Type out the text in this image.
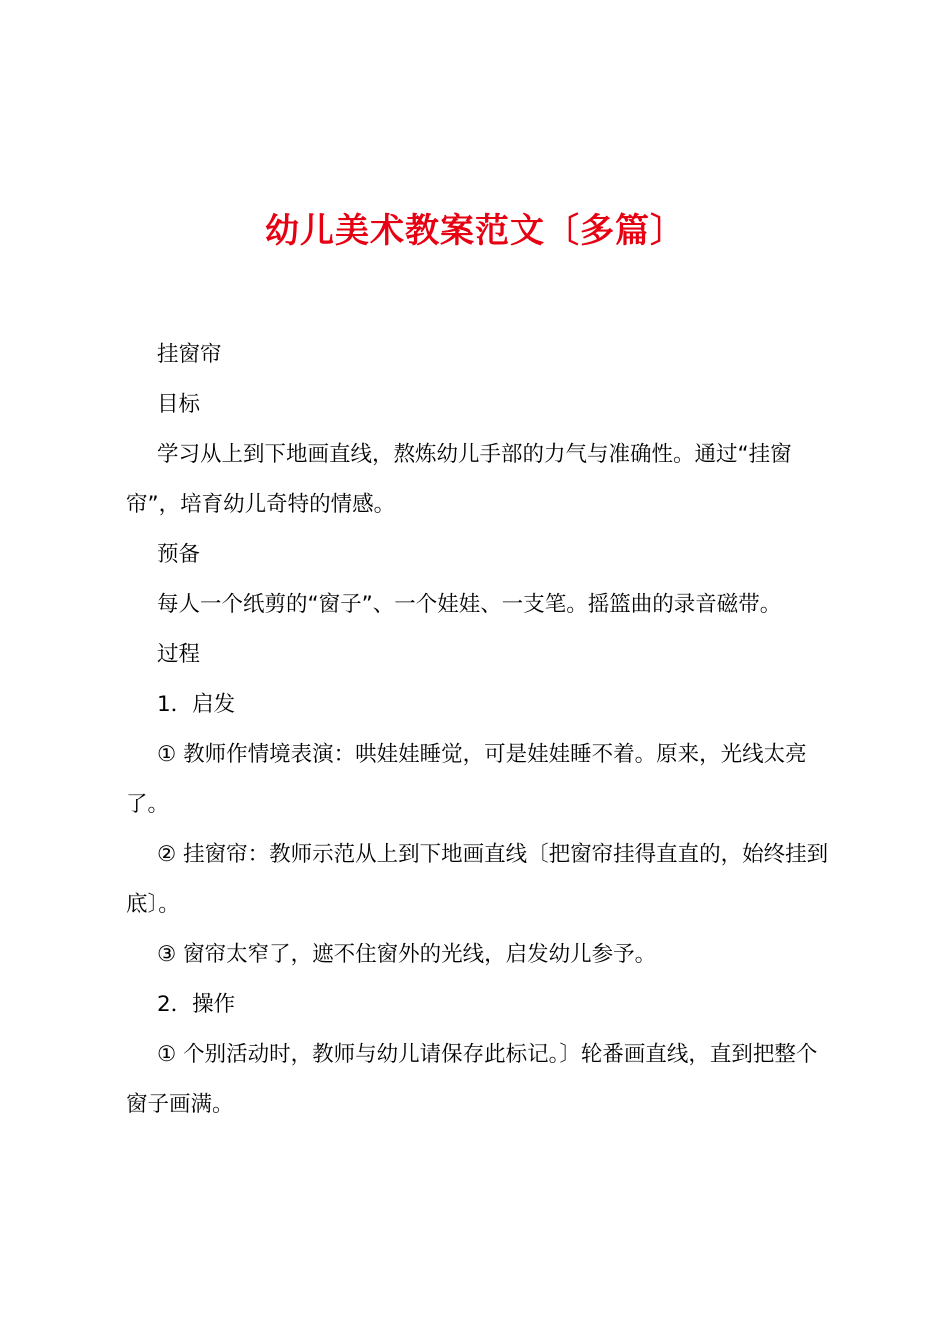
幼儿美术教案范文〔多篇〕

挂窗帘

目标

学习从上到下地画直线，熬炼幼儿手部的力气与准确性。通过“挂窗帘”，培育幼儿奇特的情感。

预备

每人一个纸剪的“窗子”、一个娃娃、一支笔。摇篮曲的录音磁带。

过程

1．启发

① 教师作情境表演：哄娃娃睡觉，可是娃娃睡不着。原来，光线太亮了。

② 挂窗帘：教师示范从上到下地画直线〔把窗帘挂得直直的，始终挂到底〕。

③ 窗帘太窄了，遮不住窗外的光线，启发幼儿参予。

2．操作

① 个别活动时，教师与幼儿请保存此标记。〕轮番画直线，直到把整个窗子画满。
